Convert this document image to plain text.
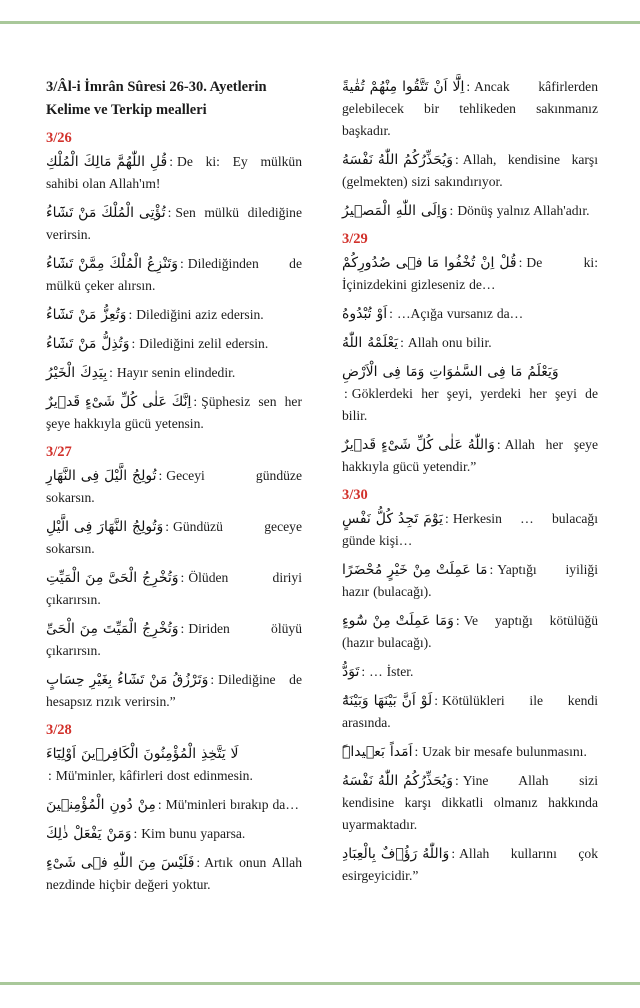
3/Âl-i İmrân Sûresi 26-30. Ayetlerin Kelime ve Terkip mealleri
3/26
قُلِ اللّٰهُمَّ مَالِكَ الْمُلْكِ : De ki: Ey mülkün sahibi olan Allah'ım!
تُؤْتِى الْمُلْكَ مَنْ تَشَٓاءُ : Sen mülkü dilediğine verirsin.
وَتَنْزِعُ الْمُلْكَ مِمَّنْ تَشَٓاءُ : Dilediğinden de mülkü çeker alırsın.
وَتُعِزُّ مَنْ تَشَٓاءُ : Dilediğini aziz edersin.
وَتُذِلُّ مَنْ تَشَٓاءُ : Dilediğini zelil edersin.
بِيَدِكَ الْخَيْرُ : Hayır senin elindedir.
اِنَّكَ عَلٰى كُلِّ شَیْءٍ قَد۪يرٌ : Şüphesiz sen her şeye hakkıyla gücü yetensin.
3/27
تُولِجُ الَّيْلَ فِى النَّهَارِ : Geceyi gündüze sokarsın.
وَتُولِجُ النَّهَارَ فِى الَّيْلِ : Gündüzü geceye sokarsın.
وَتُخْرِجُ الْحَیَّ مِنَ الْمَيِّتِ : Ölüden diriyi çıkarırsın.
وَتُخْرِجُ الْمَيِّتَ مِنَ الْحَیِّ : Diriden ölüyü çıkarırsın.
وَتَرْزُقُ مَنْ تَشَٓاءُ بِغَيْرِ حِسَابٍ : Dilediğine de hesapsız rızık verirsin.”
3/28
لَا يَتَّخِذِ الْمُؤْمِنُونَ الْكَافِر۪ينَ اَوْلِيَٓاءَ: Mü'minler, kâfirleri dost edinmesin.
مِنْ دُونِ الْمُؤْمِن۪ينَ : Mü'minleri bırakıp da…
وَمَنْ يَفْعَلْ ذٰلِكَ : Kim bunu yaparsa.
فَلَيْسَ مِنَ اللّٰهِ ف۪ى شَیْءٍ : Artık onun Allah nezdinde hiçbir değeri yoktur.
اِلَّٓا اَنْ تَتَّقُوا مِنْهُمْ تُقٰيةً : Ancak kâfirlerden gelebilecek bir tehlikeden sakınmanız başkadır.
وَيُحَذِّرُكُمُ اللّٰهُ نَفْسَهُ : Allah, kendisine karşı (gelmekten) sizi sakındırıyor.
وَاِلَى اللّٰهِ الْمَص۪يرُ : Dönüş yalnız Allah'adır.
3/29
قُلْ اِنْ تُخْفُوا مَا ف۪ى صُدُورِكُمْ : De ki: İçinizdekini gizleseniz de…
اَوْ تُبْدُوهُ : …Açığa vursanız da…
يَعْلَمْهُ اللّٰهُ : Allah onu bilir.
وَيَعْلَمُ مَا فِى السَّمٰوَاتِ وَمَا فِى الْاَرْضِ: Göklerdeki her şeyi, yerdeki her şeyi de bilir.
وَاللّٰهُ عَلٰى كُلِّ شَیْءٍ قَد۪يرٌ : Allah her şeye hakkıyla gücü yetendir.”
3/30
يَوْمَ تَجِدُ كُلُّ نَفْسٍ : Herkesin … bulacağı günde kişi…
مَا عَمِلَتْ مِنْ خَيْرٍ مُحْضَرًا : Yaptığı iyiliği hazır (bulacağı).
وَمَا عَمِلَتْ مِنْ سُٓوءٍ : Ve yaptığı kötülüğü (hazır bulacağı).
تَوَدُّ : … İster.
لَوْ اَنَّ بَيْنَهَا وَبَيْنَهُٓ : Kötülükleri ile kendi arasında.
اَمَداً بَع۪يداًۜ : Uzak bir mesafe bulunmasını.
وَيُحَذِّرُكُمُ اللّٰهُ نَفْسَهُ : Yine Allah sizi kendisine karşı dikkatli olmanız hakkında uyarmaktadır.
وَاللّٰهُ رَؤُ۫فٌ بِالْعِبَادِ : Allah kullarını çok esirgeyicidir.”
